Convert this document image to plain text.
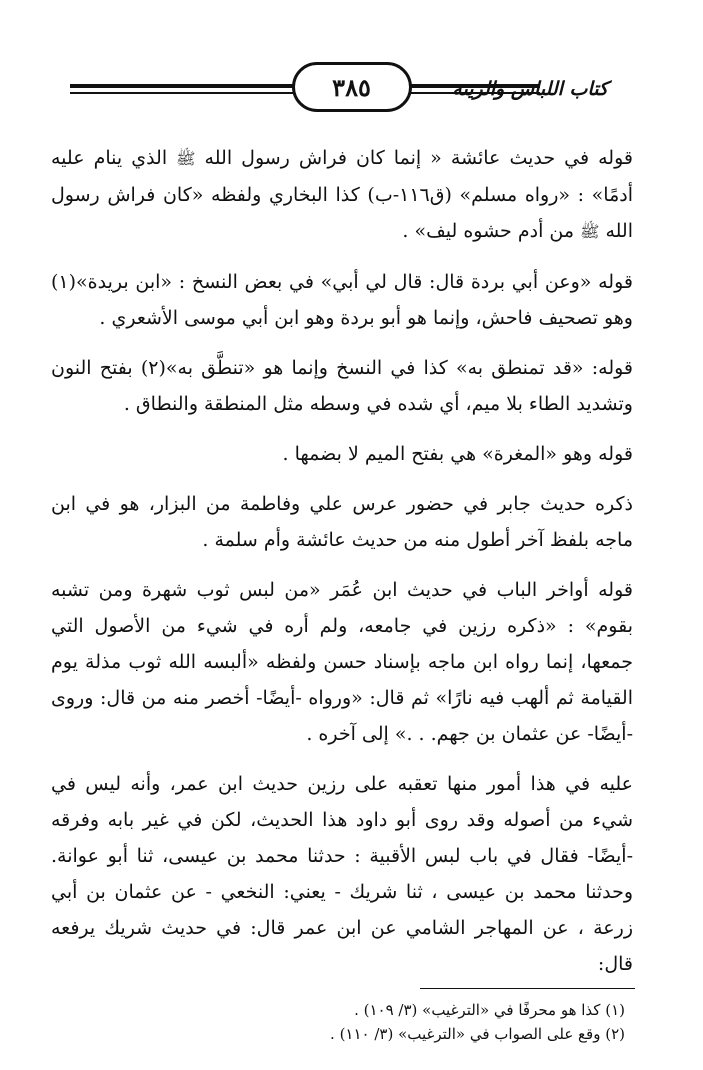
٣٨٥	كتاب اللباس والزينة

قوله في حديث عائشة « إنما كان فراش رسول الله ﷺ الذي ينام عليه أدمًا» : «رواه مسلم» (ق١١٦-ب) كذا البخاري ولفظه «كان فراش رسول الله ﷺ من أدم حشوه ليف» .

قوله «وعن أبي بردة قال: قال لي أبي» في بعض النسخ : «ابن بريدة»(١) وهو تصحيف فاحش، وإنما هو أبو بردة وهو ابن أبي موسى الأشعري .

قوله: «قد تمنطق به» كذا في النسخ وإنما هو «تنطَّق به»(٢) بفتح النون وتشديد الطاء بلا ميم، أي شده في وسطه مثل المنطقة والنطاق .

قوله وهو «المغرة» هي بفتح الميم لا بضمها .

ذكره حديث جابر في حضور عرس علي وفاطمة من البزار، هو في ابن ماجه بلفظ آخر أطول منه من حديث عائشة وأم سلمة .

قوله أواخر الباب في حديث ابن عُمَر «من لبس ثوب شهرة ومن تشبه بقوم» : «ذكره رزين في جامعه، ولم أره في شيء من الأصول التي جمعها، إنما رواه ابن ماجه بإسناد حسن ولفظه «ألبسه الله ثوب مذلة يوم القيامة ثم ألهب فيه نارًا» ثم قال: «ورواه -أيضًا- أخصر منه من قال: وروى -أيضًا- عن عثمان بن جهم. . .» إلى آخره .

عليه في هذا أمور منها تعقبه على رزين حديث ابن عمر، وأنه ليس في شيء من أصوله وقد روى أبو داود هذا الحديث، لكن في غير بابه وفرقه -أيضًا- فقال في باب لبس الأقبية : حدثنا محمد بن عيسى، ثنا أبو عوانة. وحدثنا محمد بن عيسى ، ثنا شريك - يعني: النخعي - عن عثمان بن أبي زرعة ، عن المهاجر الشامي عن ابن عمر قال: في حديث شريك يرفعه قال:

(١) كذا هو محرفًا في «الترغيب» (٣/ ١٠٩) .

(٢) وقع على الصواب في «الترغيب» (٣/ ١١٠) .
